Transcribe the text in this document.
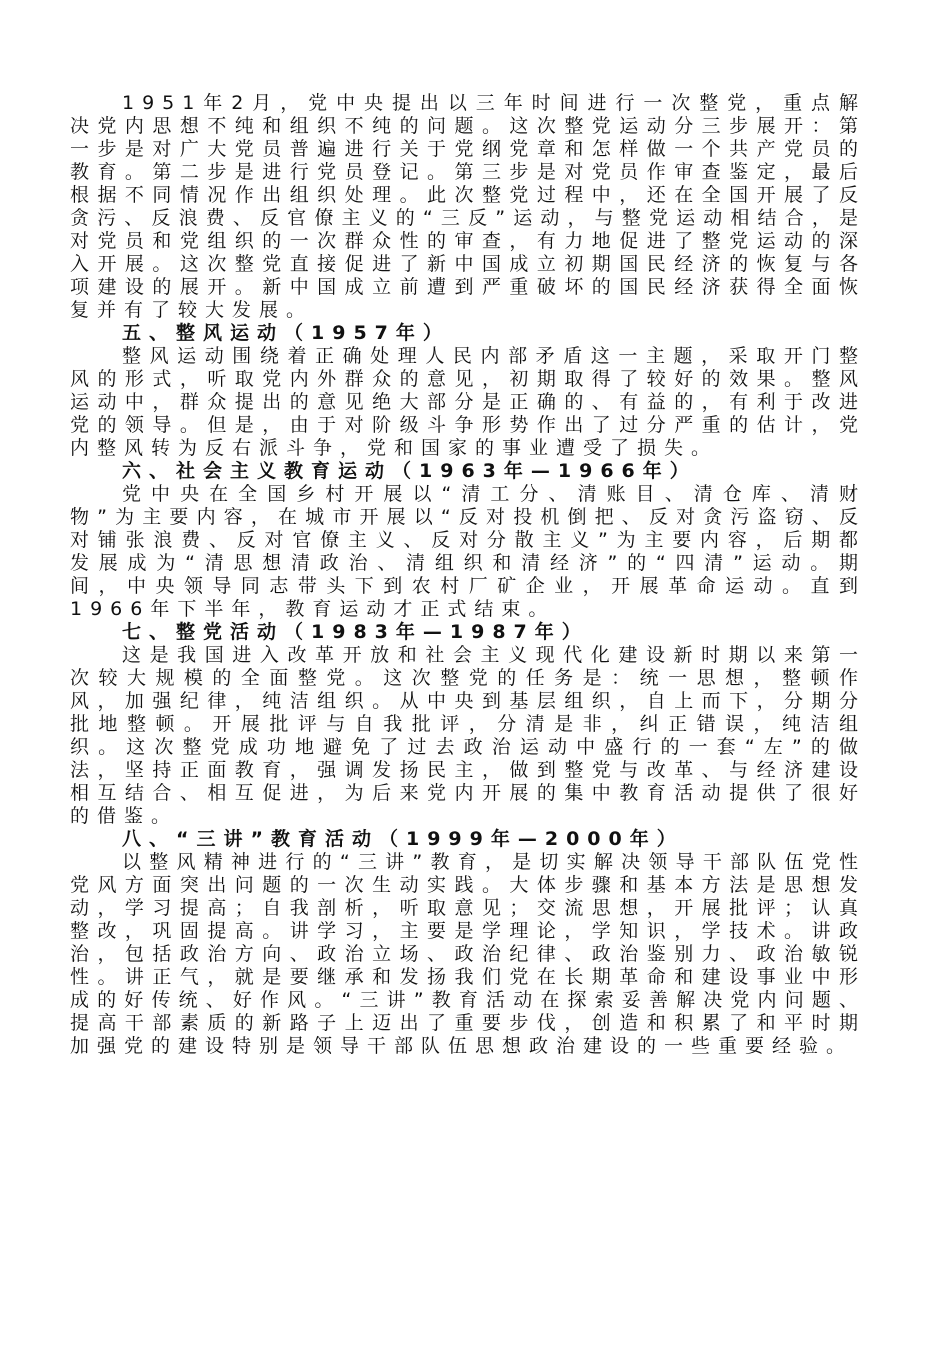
1951年2月，党中央提出以三年时间进行一次整党，重点解决党内思想不纯和组织不纯的问题。这次整党运动分三步展开：第一步是对广大党员普遍进行关于党纲党章和怎样做一个共产党员的教育。第二步是进行党员登记。第三步是对党员作审查鉴定，最后根据不同情况作出组织处理。此次整党过程中，还在全国开展了反贪污、反浪费、反官僚主义的“三反”运动，与整党运动相结合，是对党员和党组织的一次群众性的审查，有力地促进了整党运动的深入开展。这次整党直接促进了新中国成立初期国民经济的恢复与各项建设的展开。新中国成立前遭到严重破坏的国民经济获得全面恢复并有了较大发展。

五、整风运动（1957年）

整风运动围绕着正确处理人民内部矛盾这一主题，采取开门整风的形式，听取党内外群众的意见，初期取得了较好的效果。整风运动中，群众提出的意见绝大部分是正确的、有益的，有利于改进党的领导。但是，由于对阶级斗争形势作出了过分严重的估计，党内整风转为反右派斗争，党和国家的事业遭受了损失。

六、社会主义教育运动（1963年—1966年）

党中央在全国乡村开展以“清工分、清账目、清仓库、清财物”为主要内容，在城市开展以“反对投机倒把、反对贪污盗窃、反对铺张浪费、反对官僚主义、反对分散主义”为主要内容，后期都发展成为“清思想清政治、清组织和清经济”的“四清”运动。期间，中央领导同志带头下到农村厂矿企业，开展革命运动。直到1966年下半年，教育运动才正式结束。

七、整党活动（1983年—1987年）

这是我国进入改革开放和社会主义现代化建设新时期以来第一次较大规模的全面整党。这次整党的任务是：统一思想，整顿作风，加强纪律，纯洁组织。从中央到基层组织，自上而下，分期分批地整顿。开展批评与自我批评，分清是非，纠正错误，纯洁组织。这次整党成功地避免了过去政治运动中盛行的一套“左”的做法，坚持正面教育，强调发扬民主，做到整党与改革、与经济建设相互结合、相互促进，为后来党内开展的集中教育活动提供了很好的借鉴。

八、“三讲”教育活动（1999年—2000年）

以整风精神进行的“三讲”教育，是切实解决领导干部队伍党性党风方面突出问题的一次生动实践。大体步骤和基本方法是思想发动，学习提高；自我剖析，听取意见；交流思想，开展批评；认真整改，巩固提高。讲学习，主要是学理论，学知识，学技术。讲政治，包括政治方向、政治立场、政治纪律、政治鉴别力、政治敏锐性。讲正气，就是要继承和发扬我们党在长期革命和建设事业中形成的好传统、好作风。“三讲”教育活动在探索妥善解决党内问题、提高干部素质的新路子上迈出了重要步伐，创造和积累了和平时期加强党的建设特别是领导干部队伍思想政治建设的一些重要经验。
